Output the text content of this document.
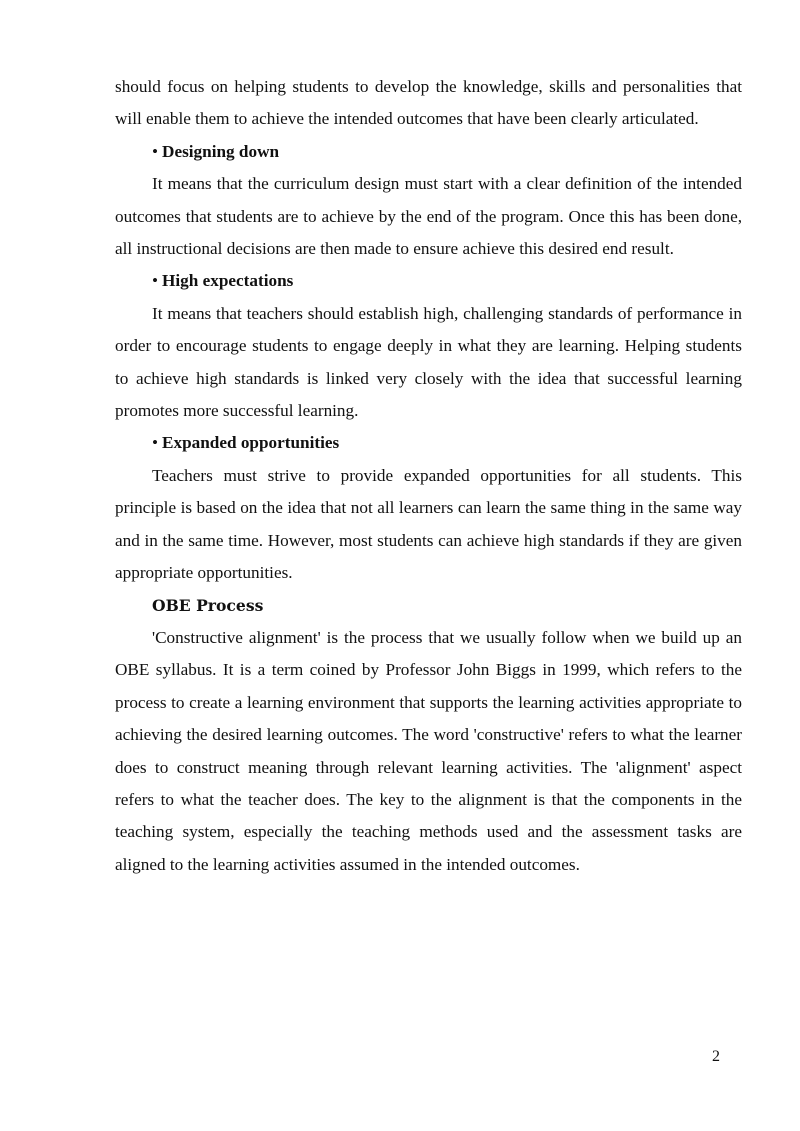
should focus on helping students to develop the knowledge, skills and personalities that will enable them to achieve the intended outcomes that have been clearly articulated.

• Designing down

It means that the curriculum design must start with a clear definition of the intended outcomes that students are to achieve by the end of the program. Once this has been done, all instructional decisions are then made to ensure achieve this desired end result.

• High expectations

It means that teachers should establish high, challenging standards of performance in order to encourage students to engage deeply in what they are learning. Helping students to achieve high standards is linked very closely with the idea that successful learning promotes more successful learning.

• Expanded opportunities

Teachers must strive to provide expanded opportunities for all students. This principle is based on the idea that not all learners can learn the same thing in the same way and in the same time. However, most students can achieve high standards if they are given appropriate opportunities.

OBE Process

'Constructive alignment' is the process that we usually follow when we build up an OBE syllabus. It is a term coined by Professor John Biggs in 1999, which refers to the process to create a learning environment that supports the learning activities appropriate to achieving the desired learning outcomes. The word 'constructive' refers to what the learner does to construct meaning through relevant learning activities. The 'alignment' aspect refers to what the teacher does. The key to the alignment is that the components in the teaching system, especially the teaching methods used and the assessment tasks are aligned to the learning activities assumed in the intended outcomes.

2
